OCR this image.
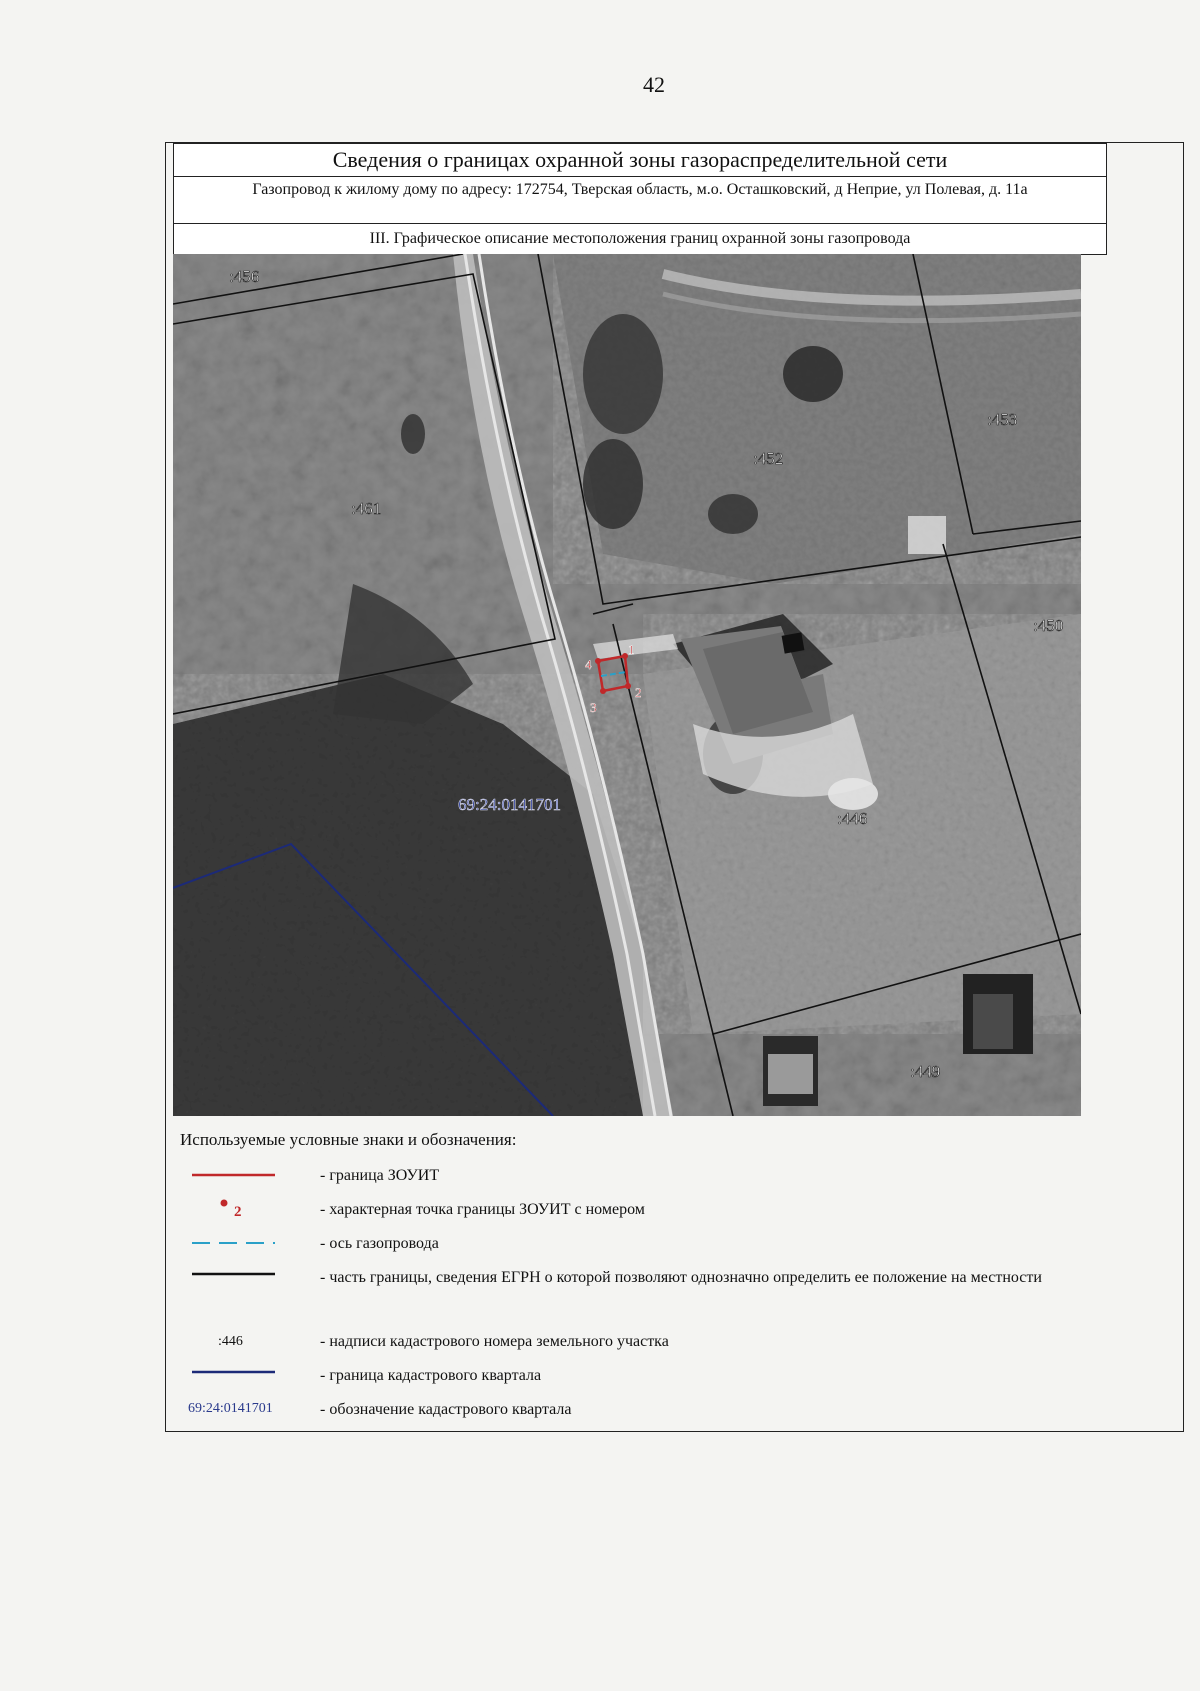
42
Сведения о границах охранной зоны газораспределительной сети
Газопровод к жилому дому по адресу: 172754, Тверская область, м.о. Осташковский, д Неприе, ул Полевая, д. 11а
III. Графическое описание местоположения границ охранной зоны газопровода
1
2
3
4
:456
:461
:452
:453
:450
:446
:449
69:24:0141701
Используемые условные знаки и обозначения:
- граница ЗОУИТ
2	- характерная точка границы ЗОУИТ с номером
- ось газопровода
- часть границы, сведения ЕГРН о которой позволяют однозначно определить ее положение на местности
:446	- надписи кадастрового номера земельного участка
- граница кадастрового квартала
69:24:0141701	- обозначение кадастрового квартала
